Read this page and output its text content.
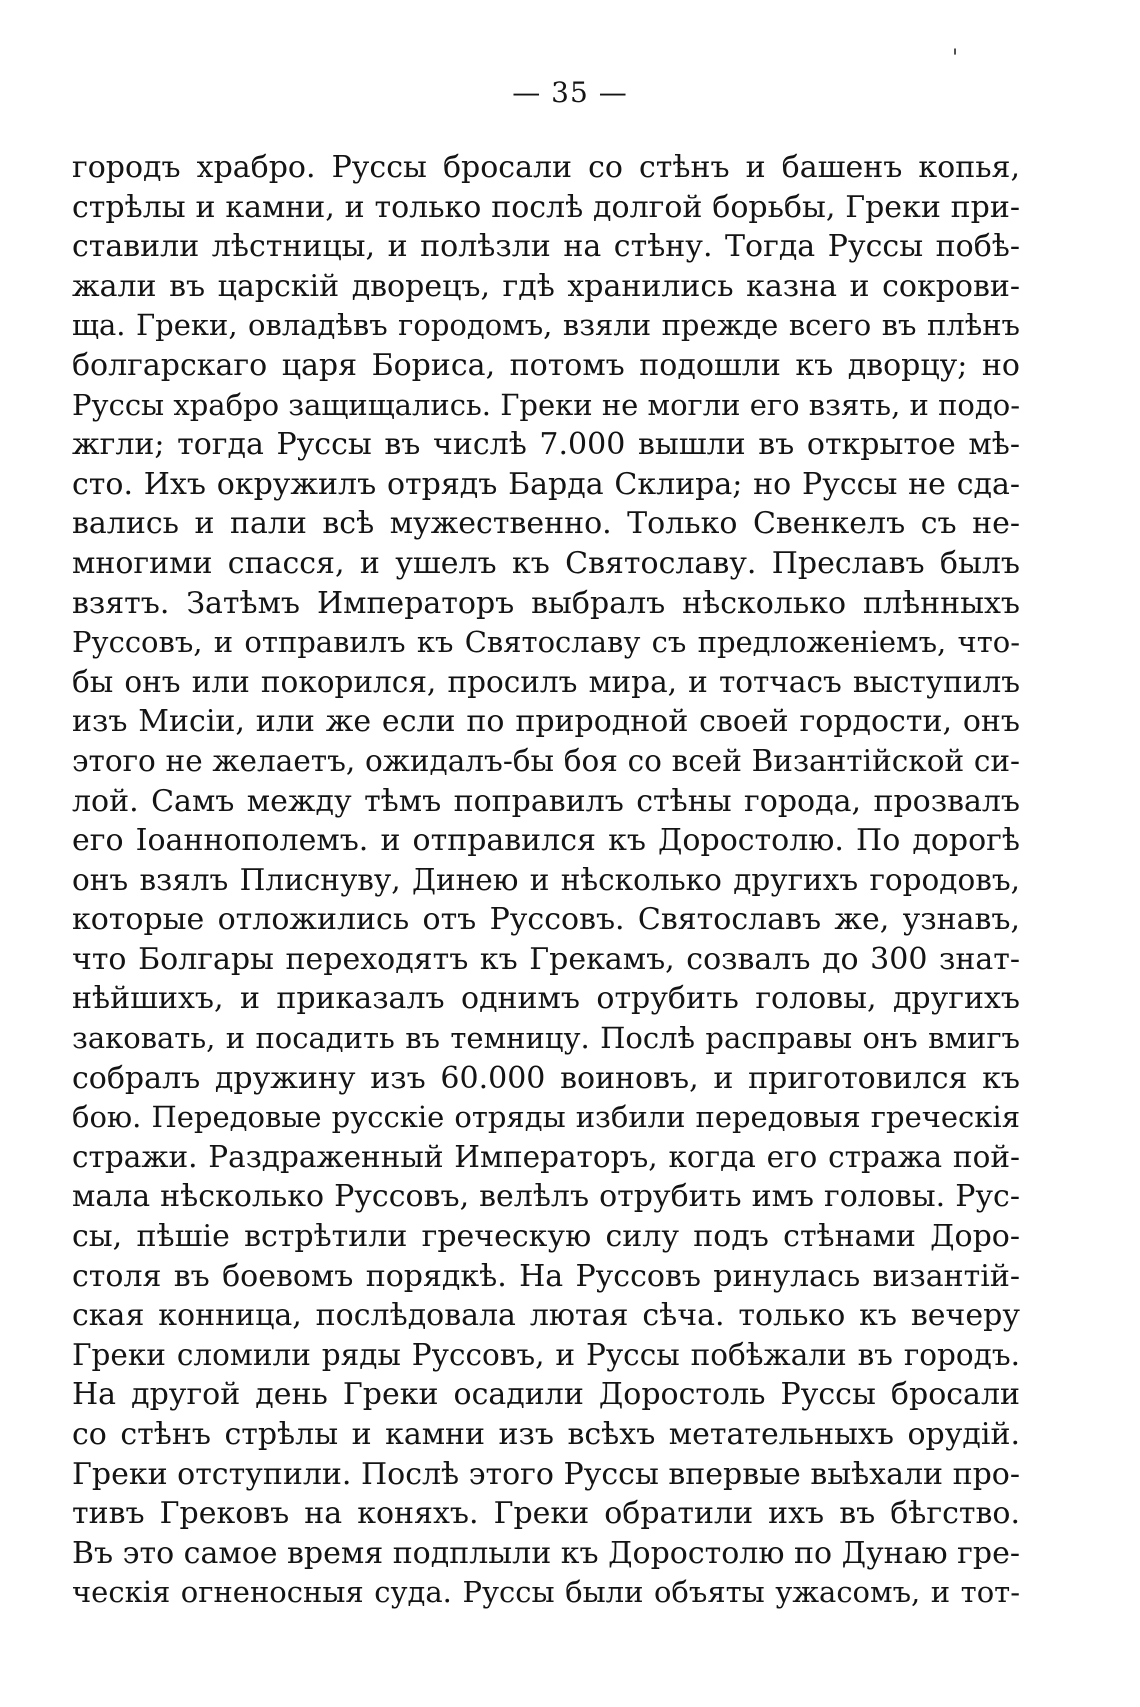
'
— 35 —
городъ храбро. Руссы бросали со стѣнъ и башенъ копья,
стрѣлы и камни, и только послѣ долгой борьбы, Греки при-
ставили лѣстницы, и полѣзли на стѣну. Тогда Руссы побѣ-
жали въ царскій дворецъ, гдѣ хранились казна и сокрови-
ща. Греки, овладѣвъ городомъ, взяли прежде всего въ плѣнъ
болгарскаго царя Бориса, потомъ подошли къ дворцу; но
Руссы храбро защищались. Греки не могли его взять, и подо-
жгли; тогда Руссы въ числѣ 7.000 вышли въ открытое мѣ-
сто. Ихъ окружилъ отрядъ Барда Склира; но Руссы не сда-
вались и пали всѣ мужественно. Только Свенкелъ съ не-
многими спасся, и ушелъ къ Святославу. Преславъ былъ
взятъ. Затѣмъ Императоръ выбралъ нѣсколько плѣнныхъ
Руссовъ, и отправилъ къ Святославу съ предложеніемъ, что-
бы онъ или покорился, просилъ мира, и тотчасъ выступилъ
изъ Мисіи, или же если по природной своей гордости, онъ
этого не желаетъ, ожидалъ-бы боя со всей Византійской си-
лой. Самъ между тѣмъ поправилъ стѣны города, прозвалъ
его Іоаннополемъ. и отправился къ Доростолю. По дорогѣ
онъ взялъ Плиснуву, Динею и нѣсколько другихъ городовъ,
которые отложились отъ Руссовъ. Святославъ же, узнавъ,
что Болгары переходятъ къ Грекамъ, созвалъ до 300 знат-
нѣйшихъ, и приказалъ однимъ отрубить головы, другихъ
заковать, и посадить въ темницу. Послѣ расправы онъ вмигъ
собралъ дружину изъ 60.000 воиновъ, и приготовился къ
бою. Передовые русскіе отряды избили передовыя греческія
стражи. Раздраженный Императоръ, когда его стража пой-
мала нѣсколько Руссовъ, велѣлъ отрубить имъ головы. Рус-
сы, пѣшіе встрѣтили греческую силу подъ стѣнами Доро-
столя въ боевомъ порядкѣ. На Руссовъ ринулась византій-
ская конница, послѣдовала лютая сѣча. только къ вечеру
Греки сломили ряды Руссовъ, и Руссы побѣжали въ городъ.
На другой день Греки осадили Доростоль Руссы бросали
со стѣнъ стрѣлы и камни изъ всѣхъ метательныхъ орудій.
Греки отступили. Послѣ этого Руссы впервые выѣхали про-
тивъ Грековъ на коняхъ. Греки обратили ихъ въ бѣгство.
Въ это самое время подплыли къ Доростолю по Дунаю гре-
ческія огненосныя суда. Руссы были объяты ужасомъ, и тот-
